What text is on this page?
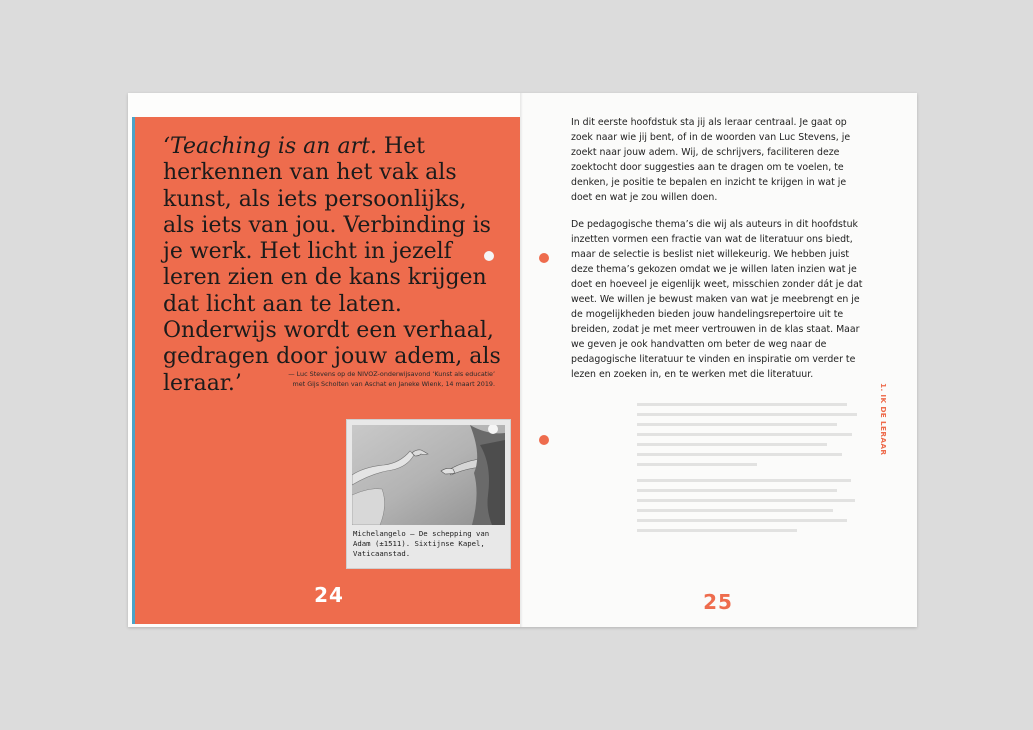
‘Teaching is an art. Het herkennen van het vak als kunst, als iets persoonlijks, als iets van jou. Verbinding is je werk. Het licht in jezelf leren zien en de kans krijgen dat licht aan te laten. Onderwijs wordt een verhaal, gedragen door jouw adem, als leraar.’	— Luc Stevens op de NIVOZ-onderwijsavond ‘Kunst als educatie’
met Gijs Scholten van Aschat en Janeke Wienk, 14 maart 2019.
Michelangelo — De schepping van Adam (±1511). Sixtijnse Kapel, Vaticaanstad.
24

In dit eerste hoofdstuk sta jij als leraar centraal. Je gaat op zoek naar wie jij bent, of in de woorden van Luc Stevens, je zoekt naar jouw adem. Wij, de schrijvers, faciliteren deze zoektocht door suggesties aan te dragen om te voelen, te denken, je positie te bepalen en inzicht te krijgen in wat je doet en wat je zou willen doen.

De pedagogische thema’s die wij als auteurs in dit hoofdstuk inzetten vormen een fractie van wat de literatuur ons biedt, maar de selectie is beslist niet willekeurig. We hebben juist deze thema’s gekozen omdat we je willen laten inzien wat je doet en hoeveel je eigenlijk weet, misschien zonder dát je dat weet. We willen je bewust maken van wat je meebrengt en je de mogelijkheden bieden jouw handelingsrepertoire uit te breiden, zodat je met meer vertrouwen in de klas staat. Maar we geven je ook handvatten om beter de weg naar de pedagogische literatuur te vinden en inspiratie om verder te lezen en zoeken in, en te werken met die literatuur.

1. IK DE LERAAR
25
